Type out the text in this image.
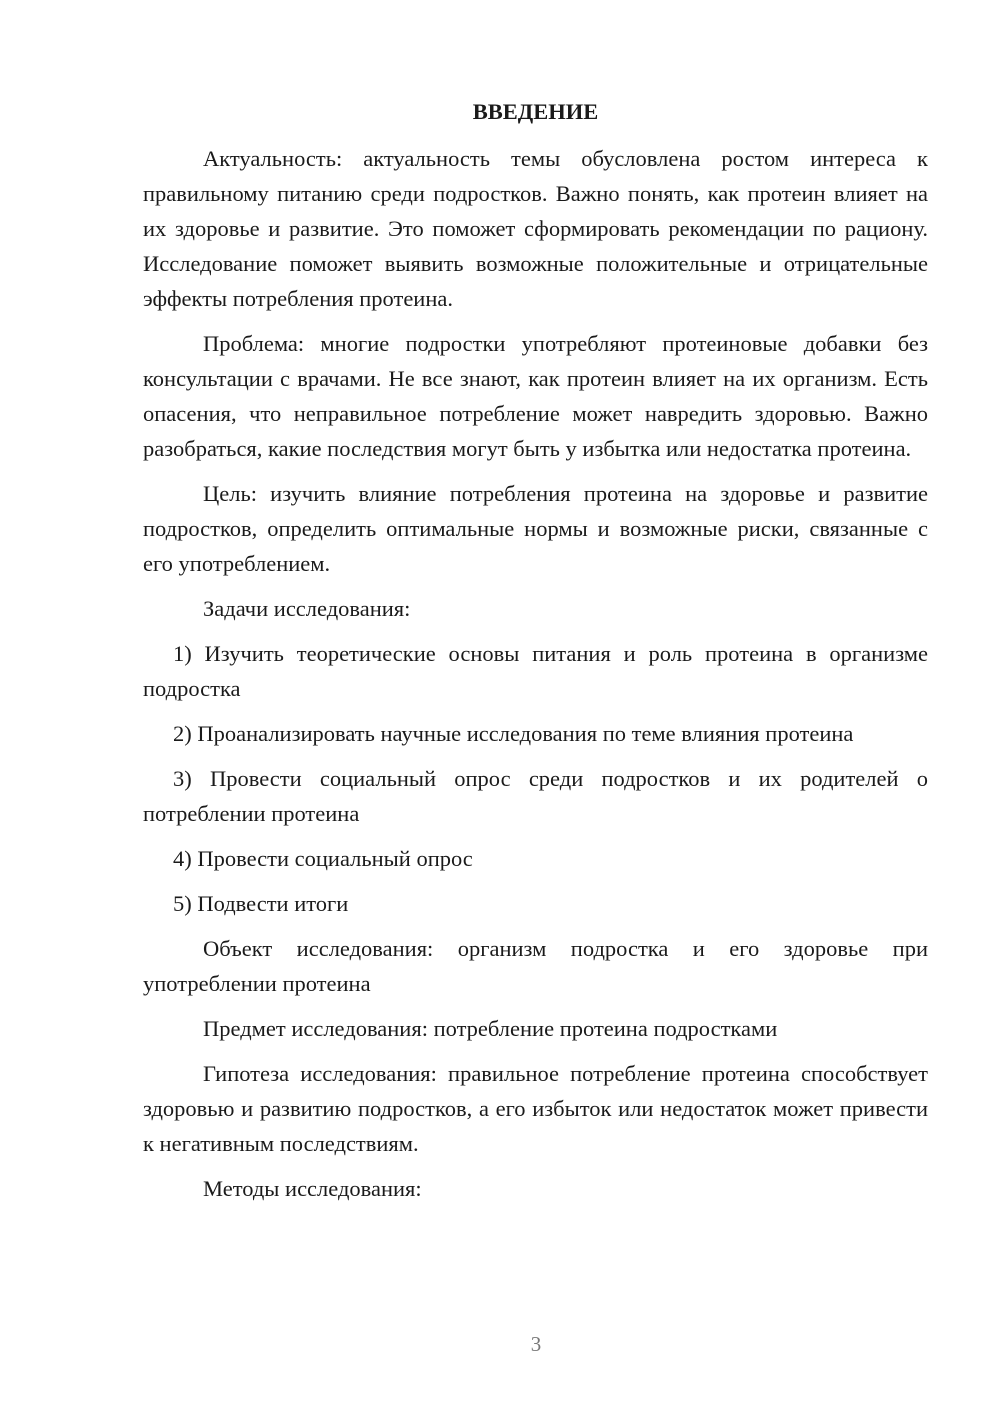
ВВЕДЕНИЕ

Актуальность: актуальность темы обусловлена ростом интереса к правильному питанию среди подростков. Важно понять, как протеин влияет на их здоровье и развитие. Это поможет сформировать рекомендации по рациону. Исследование поможет выявить возможные положительные и отрицательные эффекты потребления протеина.

Проблема: многие подростки употребляют протеиновые добавки без консультации с врачами. Не все знают, как протеин влияет на их организм. Есть опасения, что неправильное потребление может навредить здоровью. Важно разобраться, какие последствия могут быть у избытка или недостатка протеина.

Цель: изучить влияние потребления протеина на здоровье и развитие подростков, определить оптимальные нормы и возможные риски, связанные с его употреблением.

Задачи исследования:

1) Изучить теоретические основы питания и роль протеина в организме подростка

2) Проанализировать научные исследования по теме влияния протеина

3) Провести социальный опрос среди подростков и их родителей о потреблении протеина

4) Провести социальный опрос

5) Подвести итоги

Объект исследования: организм подростка и его здоровье при употреблении протеина

Предмет исследования: потребление протеина подростками

Гипотеза исследования: правильное потребление протеина способствует здоровью и развитию подростков, а его избыток или недостаток может привести к негативным последствиям.

Методы исследования:

3
